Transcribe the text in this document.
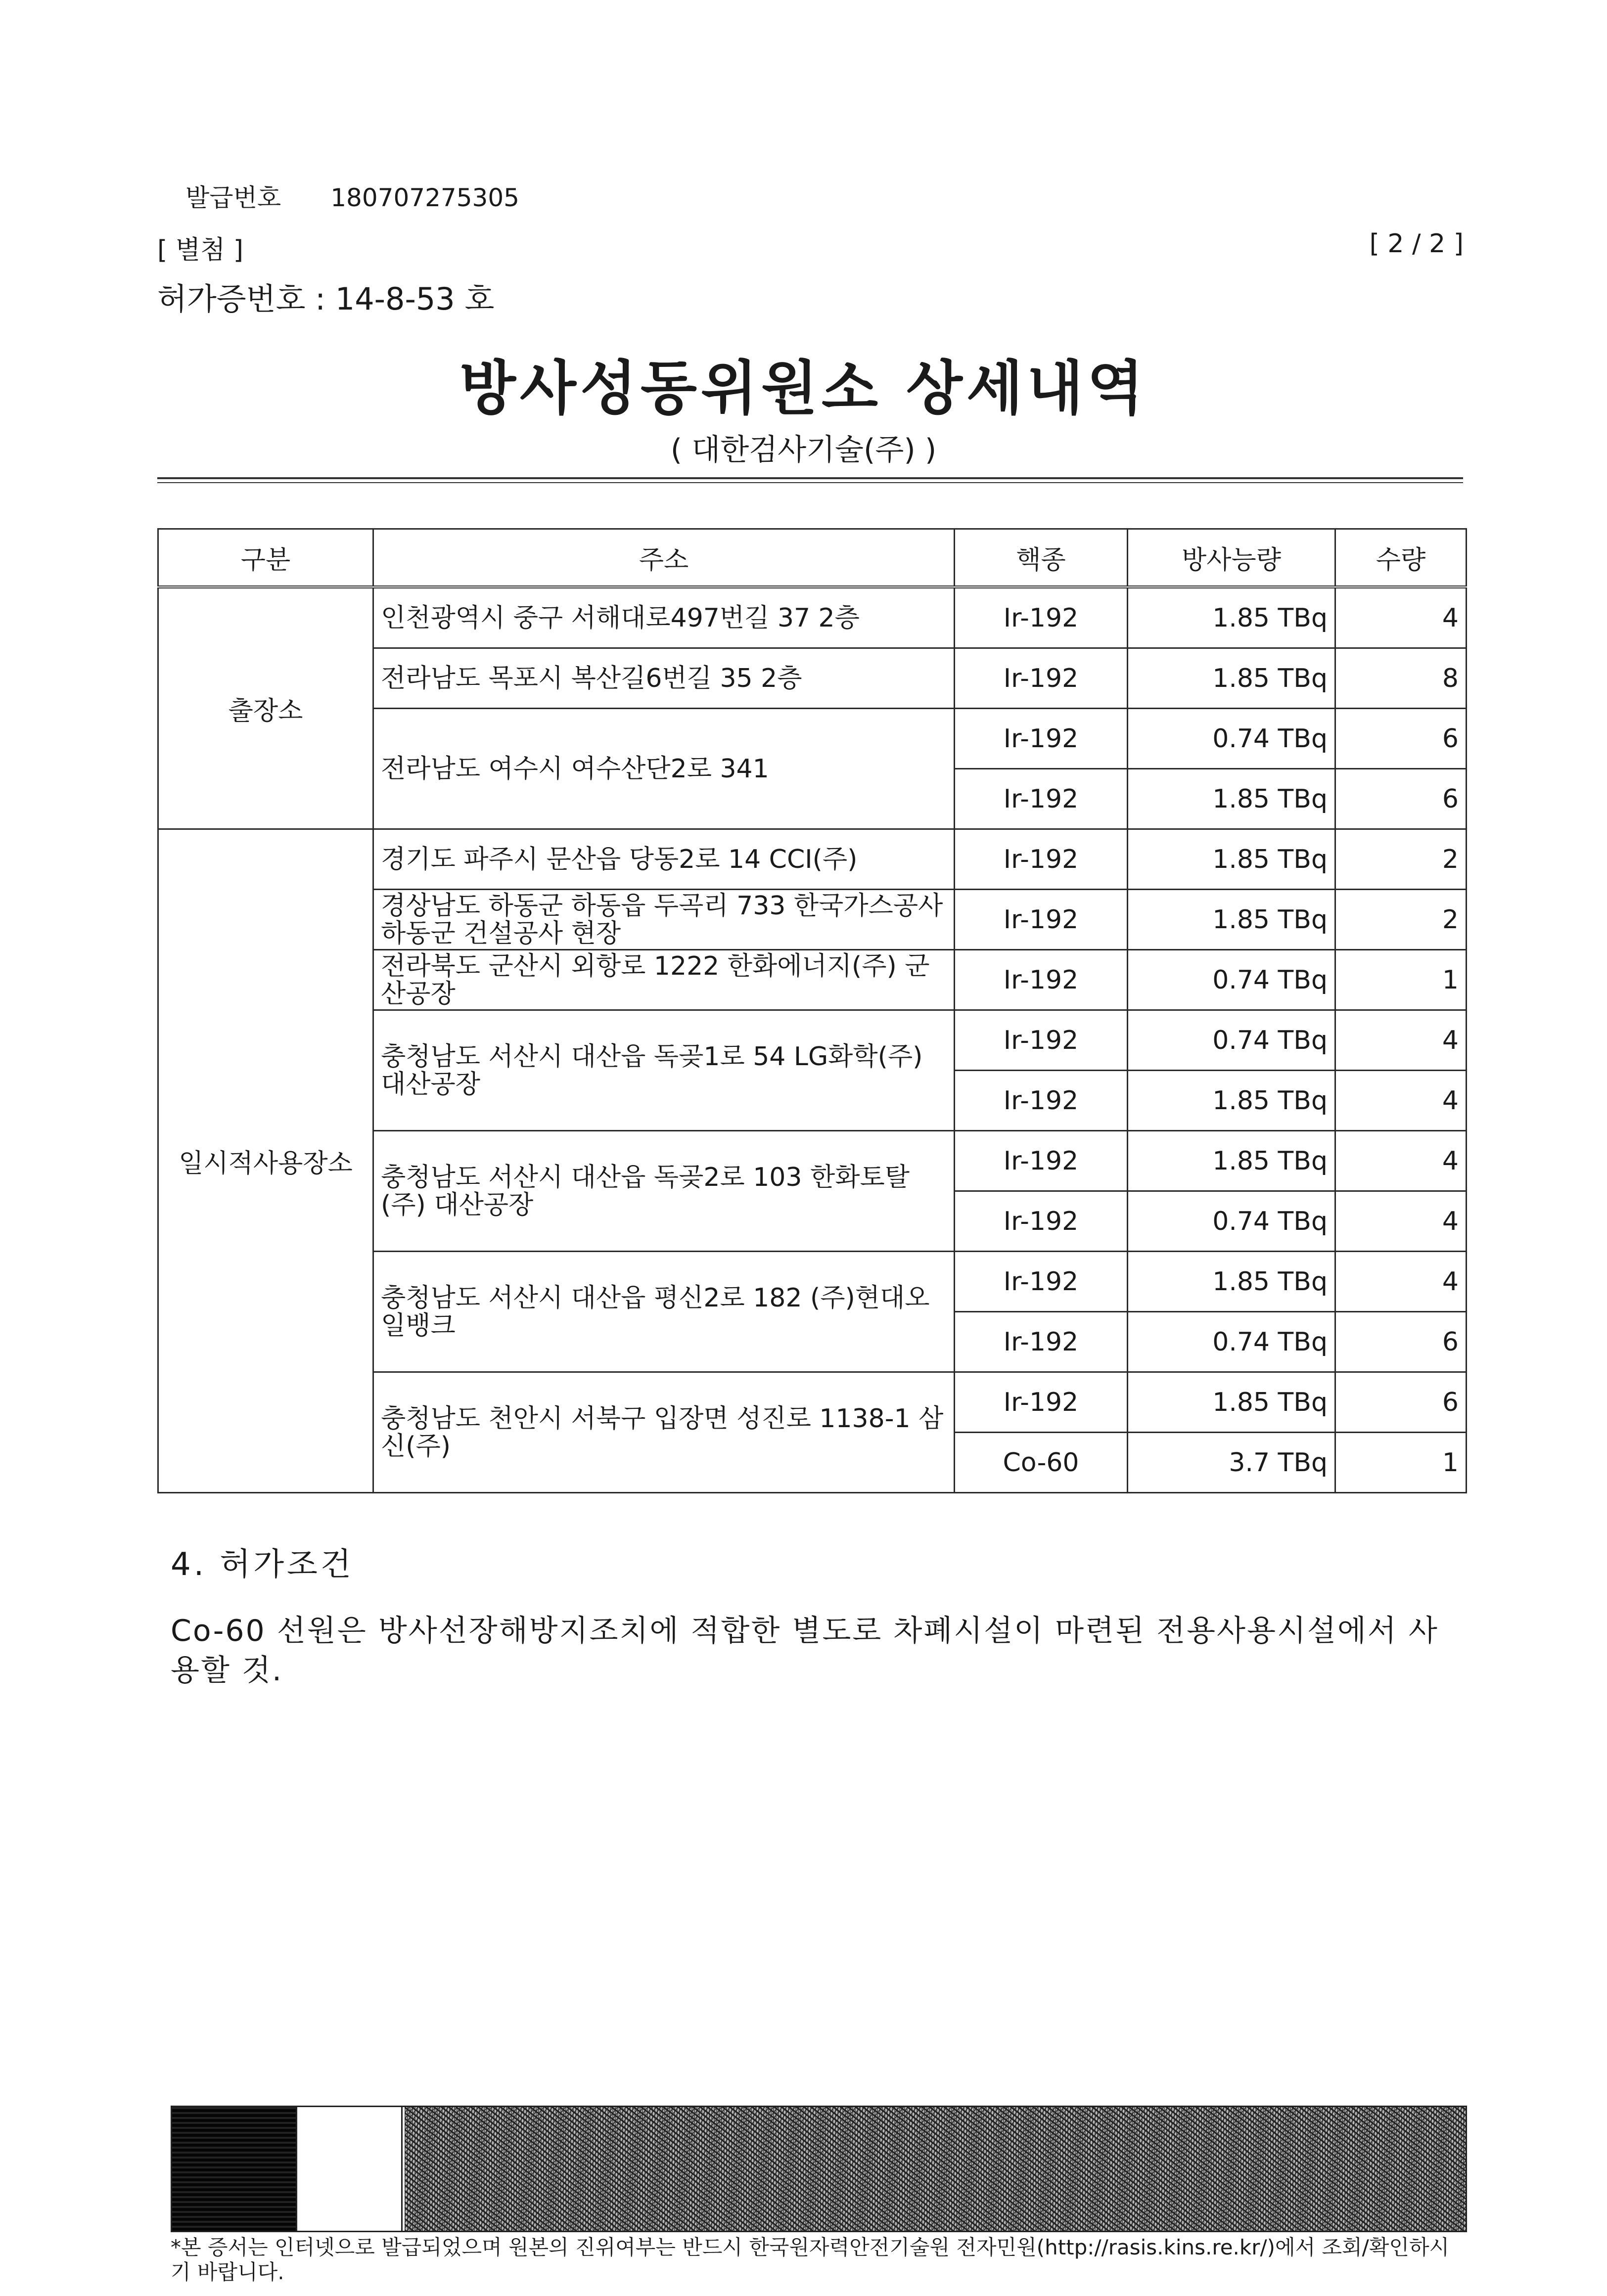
발급번호 180707275305
[ 별첨 ]	[ 2 / 2 ]
허가증번호 : 14-8-53 호
방사성동위원소 상세내역
( 대한검사기술(주) )
구분	주소	핵종	방사능량	수량
출장소	인천광역시 중구 서해대로497번길 37 2층	Ir-192	1.85 TBq	4
	전라남도 목포시 복산길6번길 35 2층	Ir-192	1.85 TBq	8
	전라남도 여수시 여수산단2로 341	Ir-192	0.74 TBq	6
		Ir-192	1.85 TBq	6
일시적사용장소	경기도 파주시 문산읍 당동2로 14 CCI(주)	Ir-192	1.85 TBq	2
	경상남도 하동군 하동읍 두곡리 733 한국가스공사 하동군 건설공사 현장	Ir-192	1.85 TBq	2
	전라북도 군산시 외항로 1222 한화에너지(주) 군산공장	Ir-192	0.74 TBq	1
	충청남도 서산시 대산읍 독곶1로 54 LG화학(주) 대산공장	Ir-192	0.74 TBq	4
		Ir-192	1.85 TBq	4
	충청남도 서산시 대산읍 독곶2로 103 한화토탈(주) 대산공장	Ir-192	1.85 TBq	4
		Ir-192	0.74 TBq	4
	충청남도 서산시 대산읍 평신2로 182 (주)현대오일뱅크	Ir-192	1.85 TBq	4
		Ir-192	0.74 TBq	6
	충청남도 천안시 서북구 입장면 성진로 1138-1 삼신(주)	Ir-192	1.85 TBq	6
		Co-60	3.7 TBq	1
4. 허가조건
Co-60 선원은 방사선장해방지조치에 적합한 별도로 차폐시설이 마련된 전용사용시설에서 사용할 것.
*본 증서는 인터넷으로 발급되었으며 원본의 진위여부는 반드시 한국원자력안전기술원 전자민원(http://rasis.kins.re.kr/)에서 조회/확인하시기 바랍니다.
